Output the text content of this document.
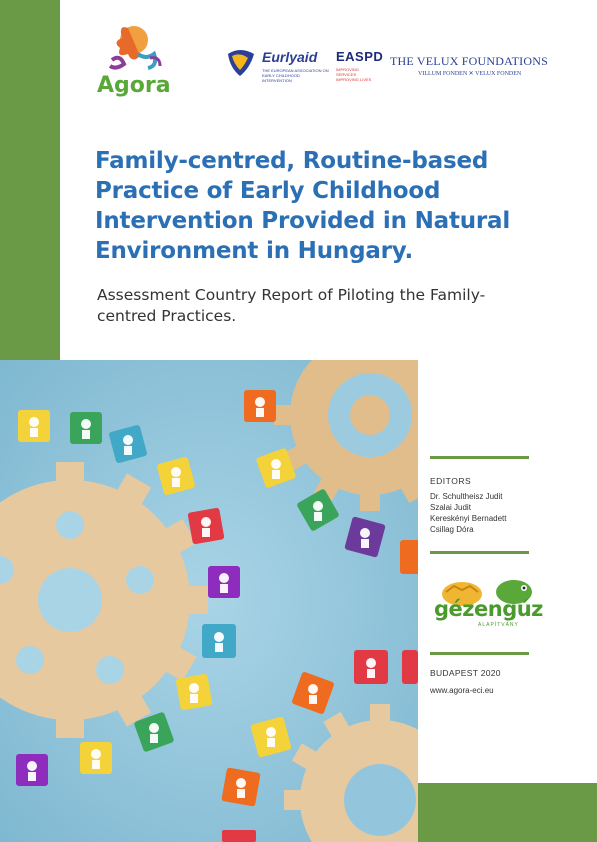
Agora
Eurlyaid
THE EUROPEAN ASSOCIATION ON EARLY CHILDHOOD INTERVENTION
EASPD
IMPROVING SERVICES IMPROVING LIVES
THE VELUX FOUNDATIONS
VILLUM FONDEN ✕ VELUX FONDEN
Family-centred, Routine-based Practice of Early Childhood Intervention Provided in Natural Environment in Hungary.

Assessment Country Report of Piloting the Family-centred Practices.

EDITORS
Dr. Schultheisz Judit
Szalai Judit
Kereskényi Bernadett
Csillag Dóra
gézengúz
ALAPÍTVÁNY
BUDAPEST 2020
www.agora-eci.eu
